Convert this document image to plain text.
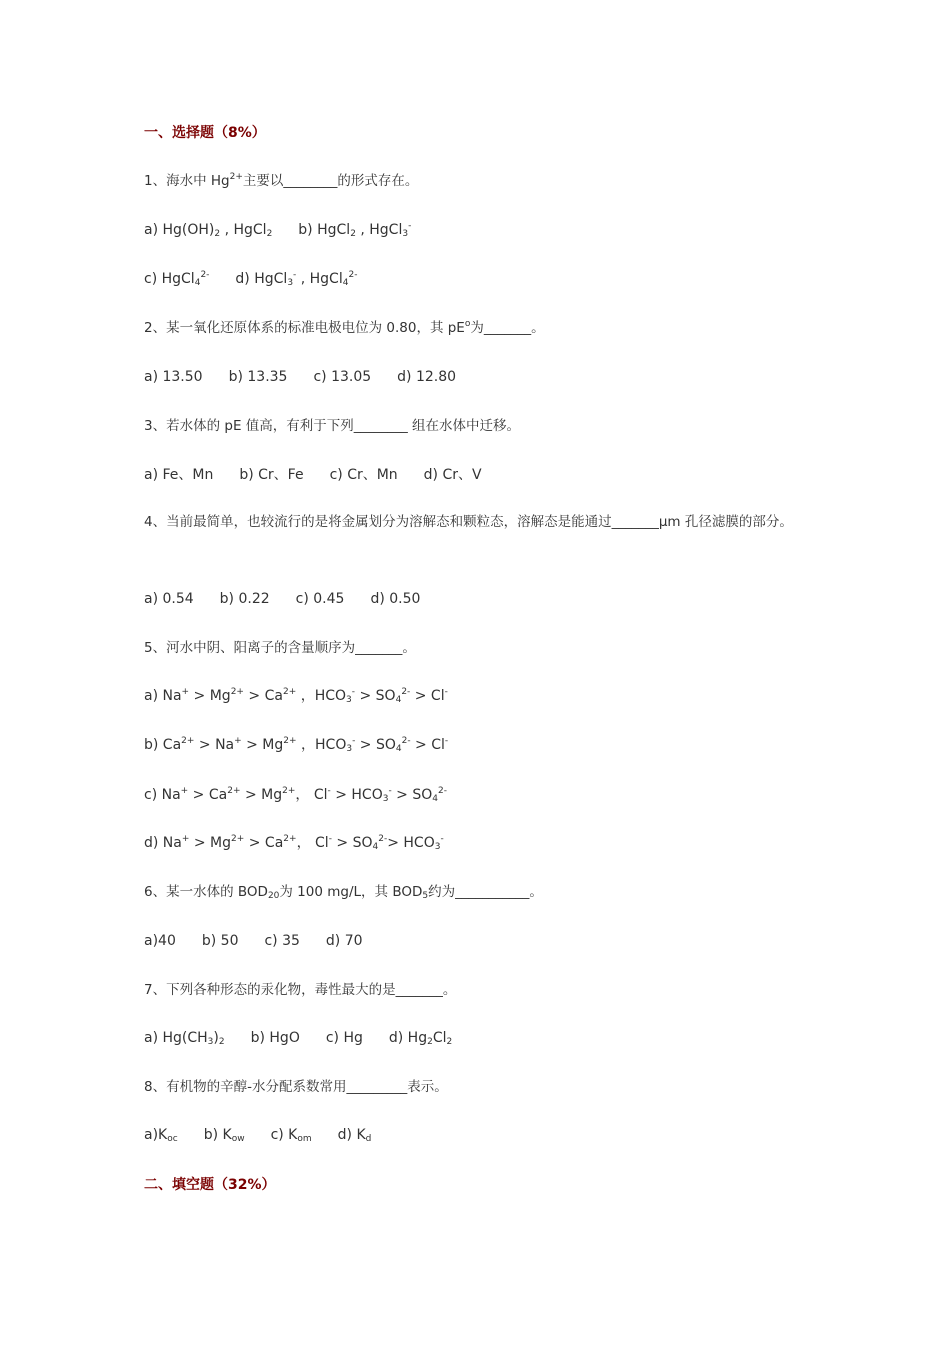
一、选择题（8%）
1、海水中 $Hg^{2+}$主要以________的形式存在。
a) $Hg(OH)_2$ , HgCl$_2$ b) HgCl$_2$ , HgCl$_3$-
c) HgCl$_4^{2-}$ d) HgCl$_3$- , HgCl$_4^{2-}$
2、某一氧化还原体系的标准电极电位为 0.80，其 $pE^o$为_______。
a) 13.50 b) 13.35 c) 13.05 d) 12.80
3、若水体的 pE 值高，有利于下列________ 组在水体中迁移。
a) Fe、Mn b) Cr、Fe c) Cr、Mn d) Cr、V
4、当前最简单，也较流行的是将金属划分为溶解态和颗粒态，溶解态是能通过_______μm 孔径滤膜的部分。
a) 0.54 b) 0.22 c) 0.45 d) 0.50
5、河水中阴、阳离子的含量顺序为_______。
a) $Na^+ > Mg^{2+} > Ca^{2+}$ ，$HCO_3^- > SO_4^{2-} > Cl^-$
b) $Ca^{2+} > Na^+ > Mg^{2+}$ ，$HCO_3^- > SO_4^{2-} > Cl^-$
c) $Na^+ > Ca^{2+} > Mg^{2+}$， $Cl^- > HCO_3^- > SO_4^{2-}$
d) $Na^+ > Mg^{2+} > Ca^{2+}$， $Cl^- > SO_4^{2-}> HCO_3^-$
6、某一水体的 $BOD_{20}$为 100 mg/L，其 $BOD_5$约为___________。
a)40 b) 50 c) 35 d) 70
7、下列各种形态的汞化物，毒性最大的是_______。
a) $Hg(CH_3)_2$ b) HgO c) Hg d) $Hg_2Cl_2$
8、有机物的辛醇-水分配系数常用_________表示。
$a)K_{oc}$ b) $K_{ow}$ c) $K_{om}$ d) $K_d$
二、填空题（32%）
